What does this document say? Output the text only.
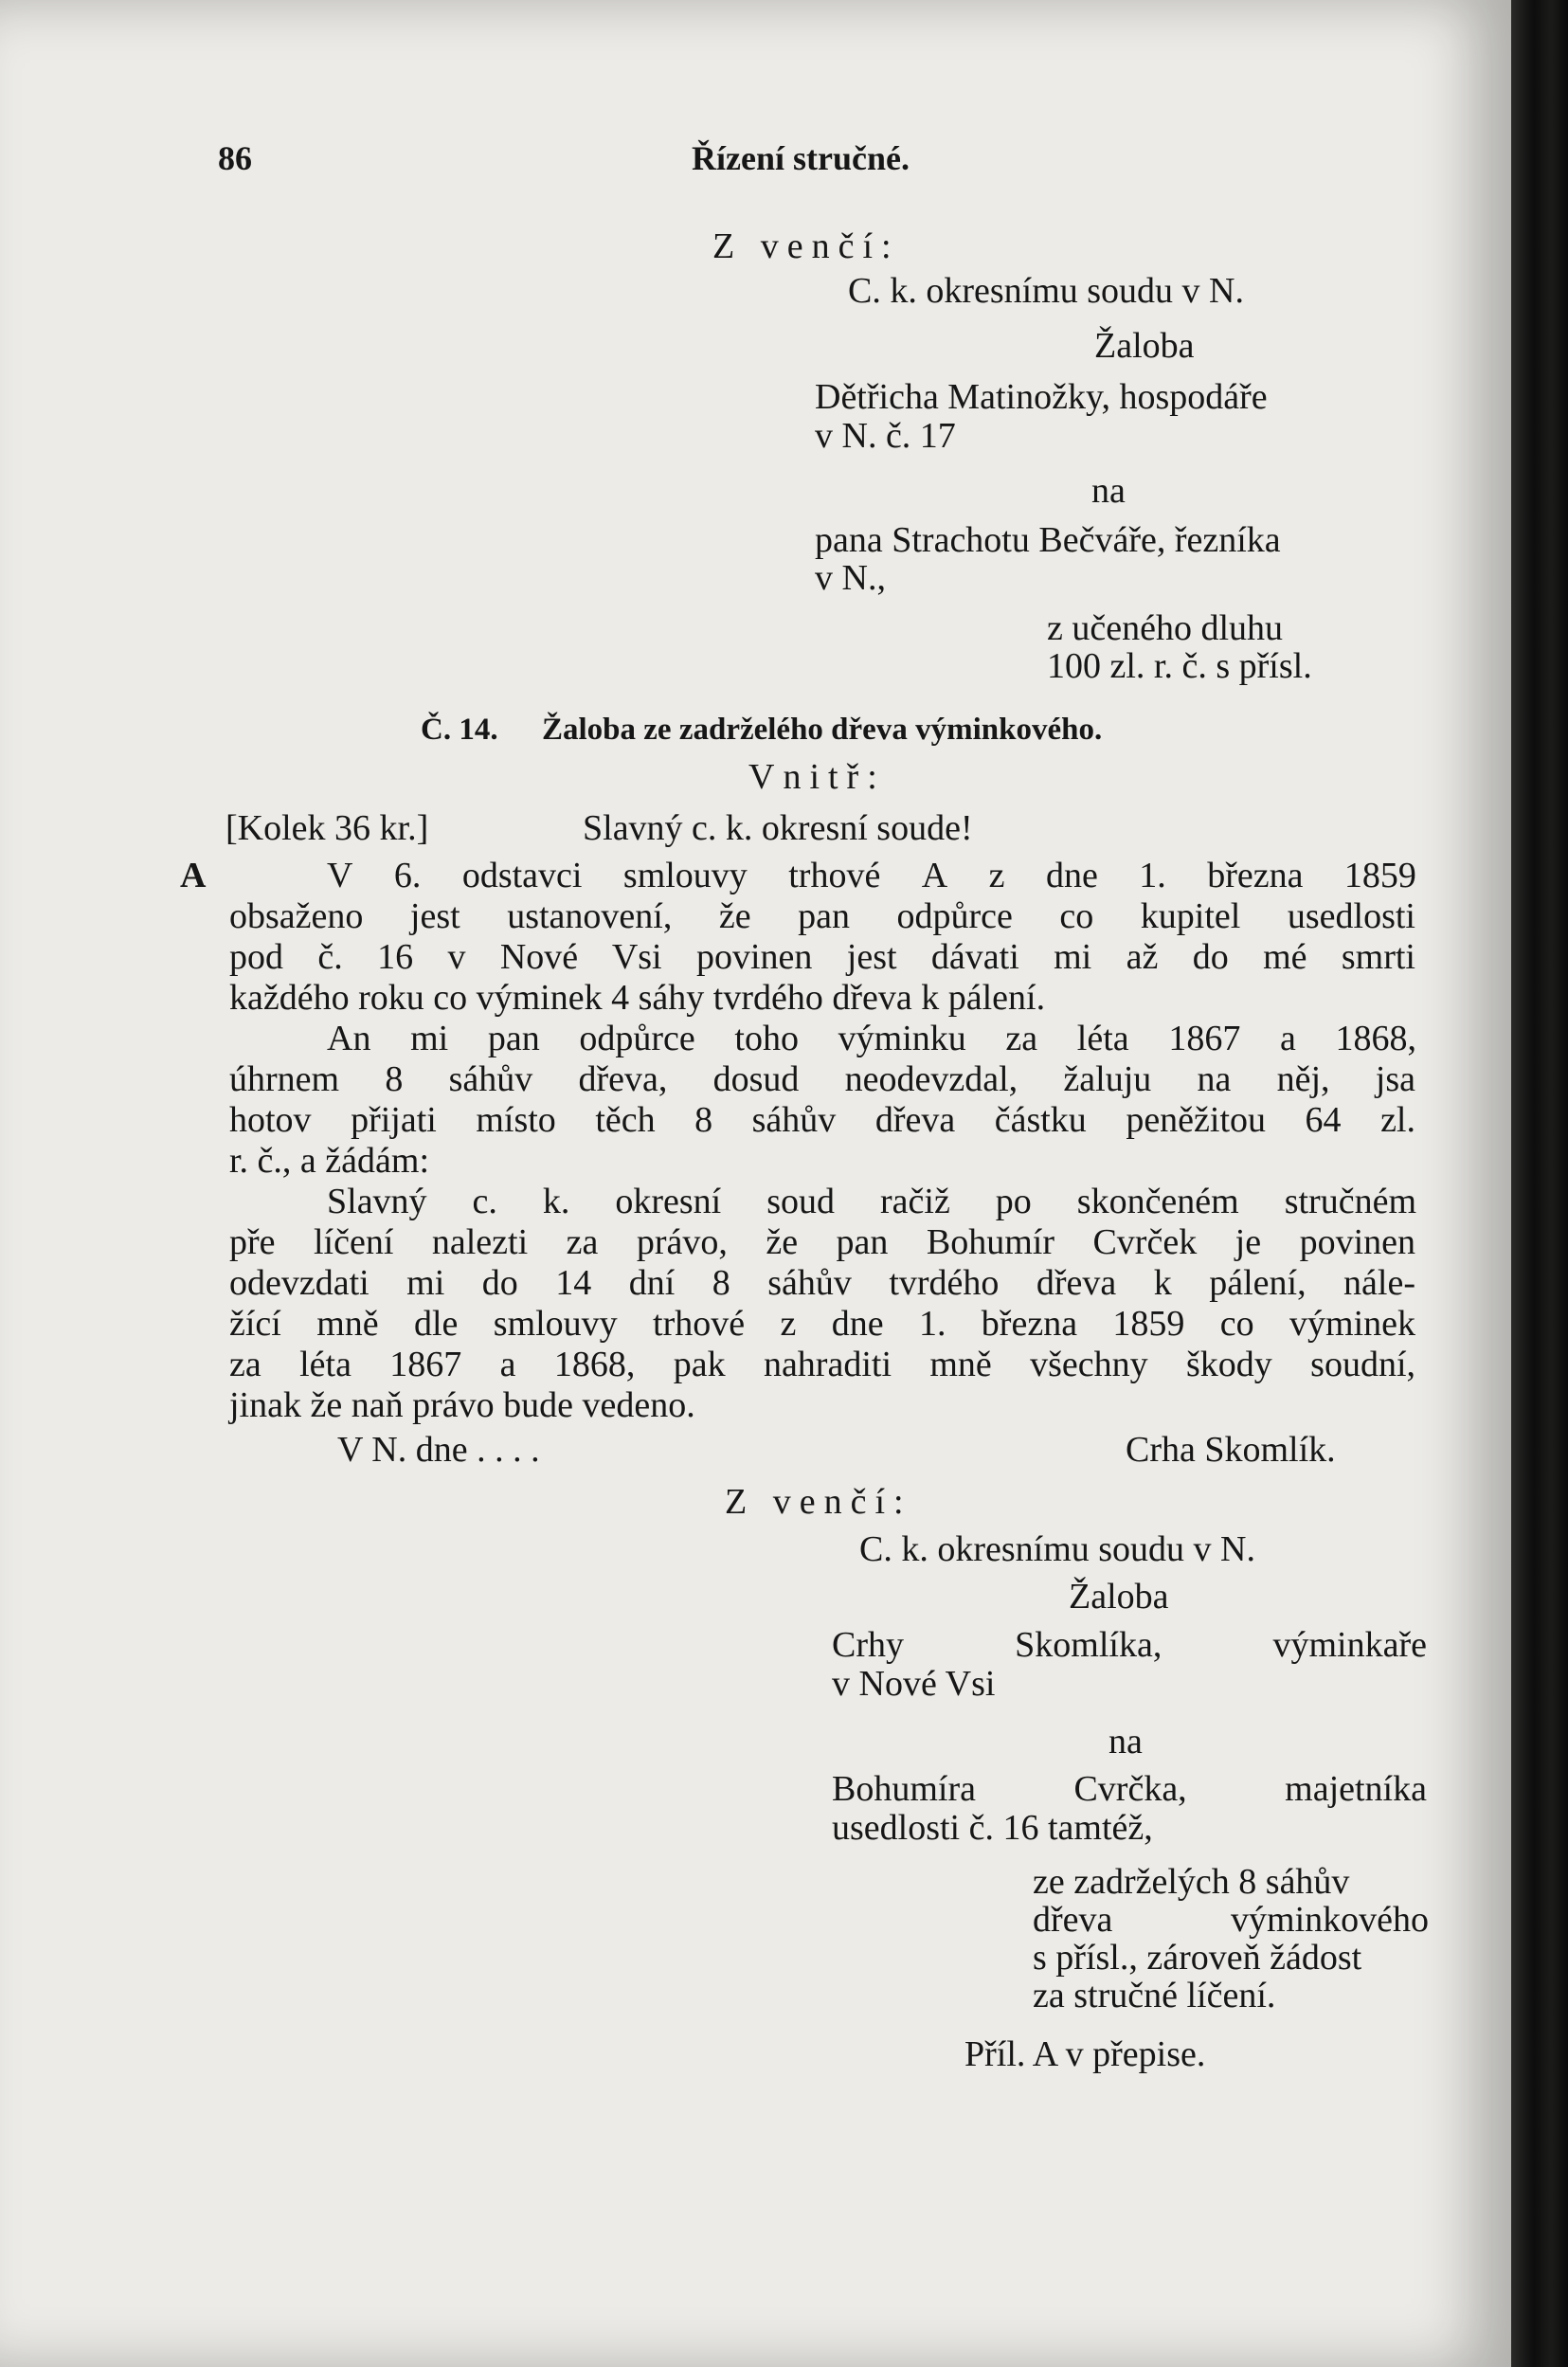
86	Řízení stručné.
Z venčí:
C. k. okresnímu soudu v N.
Žaloba
Dětřicha Matinožky, hospodáře
v N. č. 17
na
pana Strachotu Bečváře, řezníka
v N.,
z učeného dluhu
100 zl. r. č. s přísl.
Č. 14. Žaloba ze zadrželého dřeva výminkového.
Vnitř:
[Kolek 36 kr.]	Slavný c. k. okresní soude!
A	V 6. odstavci smlouvy trhové A z dne 1. března 1859
obsaženo jest ustanovení, že pan odpůrce co kupitel usedlosti
pod č. 16 v Nové Vsi povinen jest dávati mi až do mé smrti
každého roku co výminek 4 sáhy tvrdého dřeva k pálení.
An mi pan odpůrce toho výminku za léta 1867 a 1868,
úhrnem 8 sáhův dřeva, dosud neodevzdal, žaluju na něj, jsa
hotov přijati místo těch 8 sáhův dřeva částku peněžitou 64 zl.
r. č., a žádám:
Slavný c. k. okresní soud račiž po skončeném stručném
pře líčení nalezti za právo, že pan Bohumír Cvrček je povinen
odevzdati mi do 14 dní 8 sáhův tvrdého dřeva k pálení, nále-
žící mně dle smlouvy trhové z dne 1. března 1859 co výminek
za léta 1867 a 1868, pak nahraditi mně všechny škody soudní,
jinak že naň právo bude vedeno.
V N. dne . . . .	Crha Skomlík.
Z venčí:
C. k. okresnímu soudu v N.
Žaloba
Crhy	Skomlíka,	výminkaře
v Nové Vsi
na
Bohumíra	Cvrčka,	majetníka
usedlosti č. 16 tamtéž,
ze zadrželých 8 sáhův
dřeva	výminkového
s přísl., zároveň žádost
za stručné líčení.
Příl. A v přepise.
